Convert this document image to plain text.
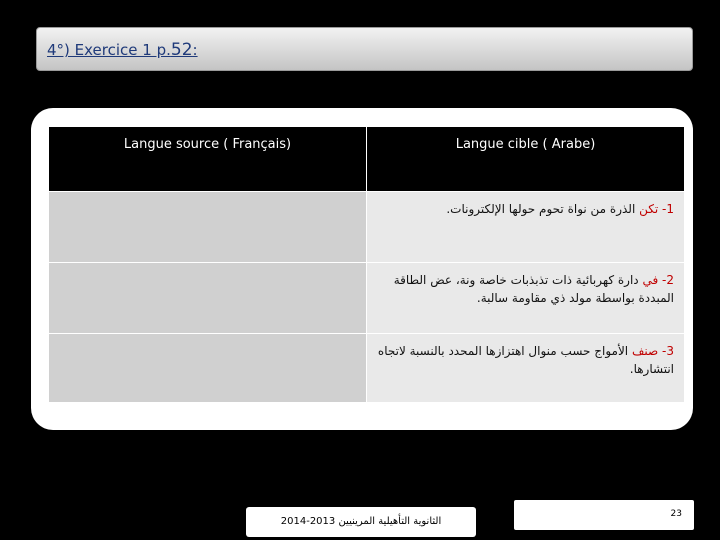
4°) Exercice 1 p.52:
Langue source ( Français)	Langue cible ( Arabe)

	1- تكن الذرة من نواة تحوم حولها الإلكترونات.
	2- في دارة كهربائية ذات تذبذبات خاصة ونة، عض الطاقة المبددة بواسطة مولد ذي مقاومة سالبة.
	3- صنف الأمواج حسب منوال اهتزازها المحدد بالنسبة لاتجاه انتشارها.
الثانوية التأهيلية المرينيين 2013-2014
23
